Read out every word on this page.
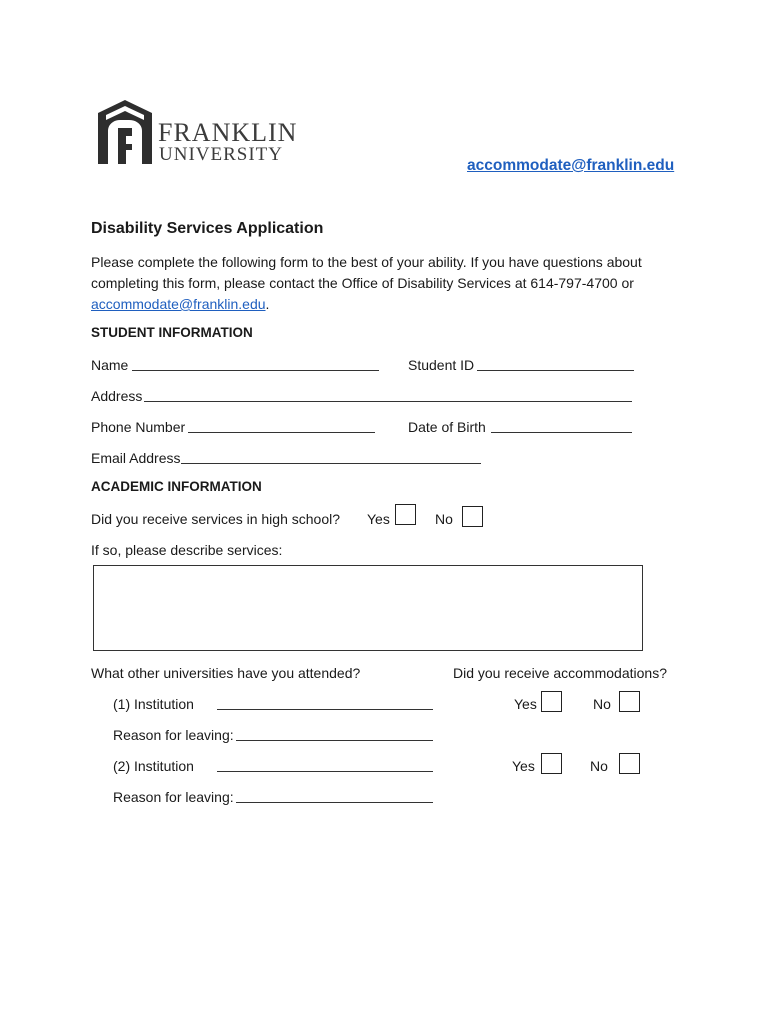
FRANKLIN
UNIVERSITY
accommodate@franklin.edu
Disability Services Application
Please complete the following form to the best of your ability. If you have questions about completing this form, please contact the Office of Disability Services at 614-797-4700 or accommodate@franklin.edu.
STUDENT INFORMATION
Name	Student ID
Address
Phone Number	Date of Birth
Email Address
ACADEMIC INFORMATION
Did you receive services in high school? Yes	No
If so, please describe services:
What other universities have you attended?	Did you receive accommodations?
(1) Institution	Yes	No
Reason for leaving:
(2) Institution	Yes	No
Reason for leaving:
